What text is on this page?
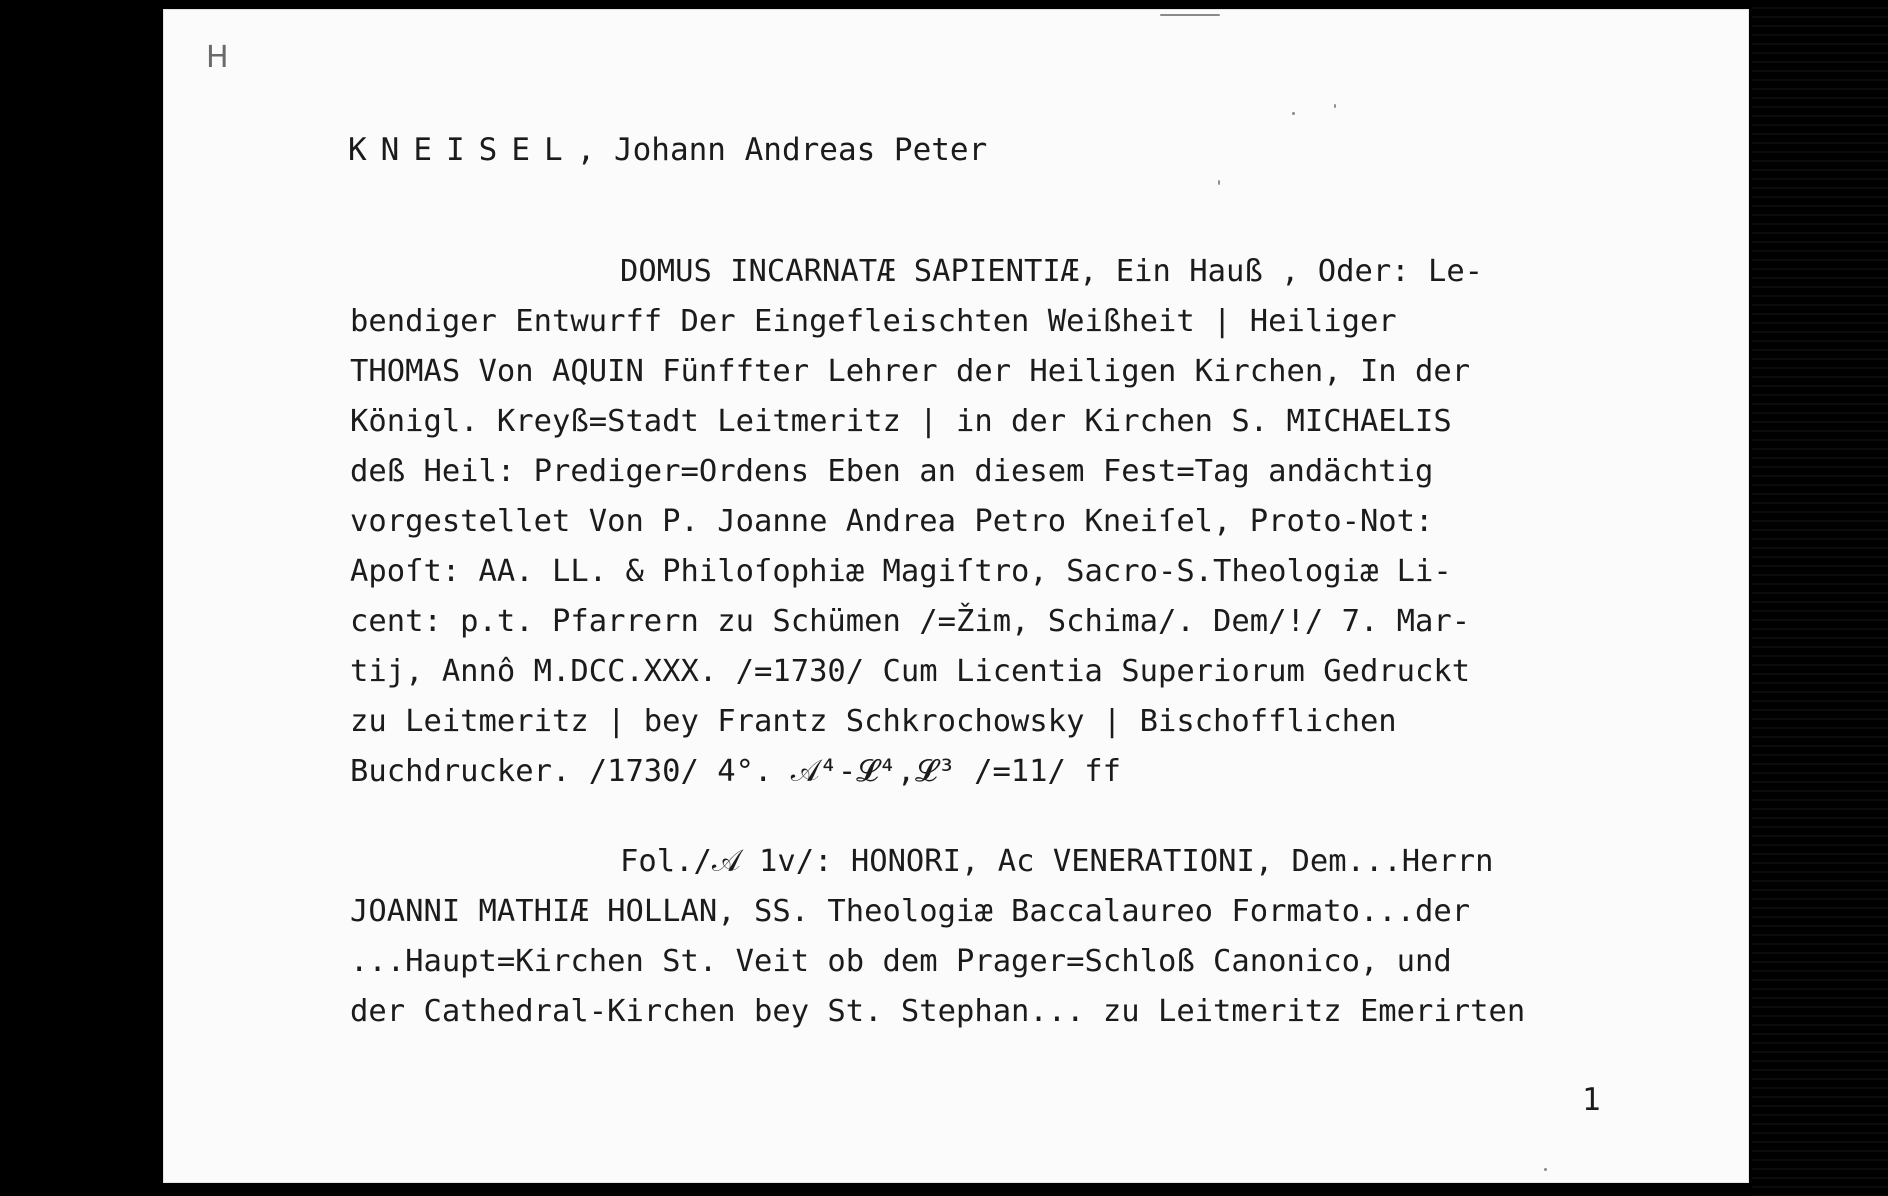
H
KNEISEL, Johann Andreas Peter
DOMUS INCARNATÆ SAPIENTIÆ, Ein Hauß , Oder: Le-
bendiger Entwurff Der Eingefleischten Weißheit | Heiliger
THOMAS Von AQUIN Fünffter Lehrer der Heiligen Kirchen, In der
Königl. Kreyß=Stadt Leitmeritz | in der Kirchen S. MICHAELIS
deß Heil: Prediger=Ordens Eben an diesem Fest=Tag andächtig
vorgestellet Von P. Joanne Andrea Petro Kneiſel, Proto-Not:
Apoſt: AA. LL. & Philoſophiæ Magiſtro, Sacro-S.Theologiæ Li-
cent: p.t. Pfarrern zu Schümen /=Žim, Schima/. Dem/!/ 7. Mar-
tij, Annô M.DCC.XXX. /=1730/ Cum Licentia Superiorum Gedruckt
zu Leitmeritz | bey Frantz Schkrochowsky | Bischofflichen
Buchdrucker. /1730/ 4°. 𝒜⁴-𝓛⁴,𝓛³ /=11/ ff
Fol./𝒜 1v/: HONORI, Ac VENERATIONI, Dem...Herrn
JOANNI MATHIÆ HOLLAN, SS. Theologiæ Baccalaureo Formato...der
...Haupt=Kirchen St. Veit ob dem Prager=Schloß Canonico, und
der Cathedral-Kirchen bey St. Stephan... zu Leitmeritz Emerirten
1
